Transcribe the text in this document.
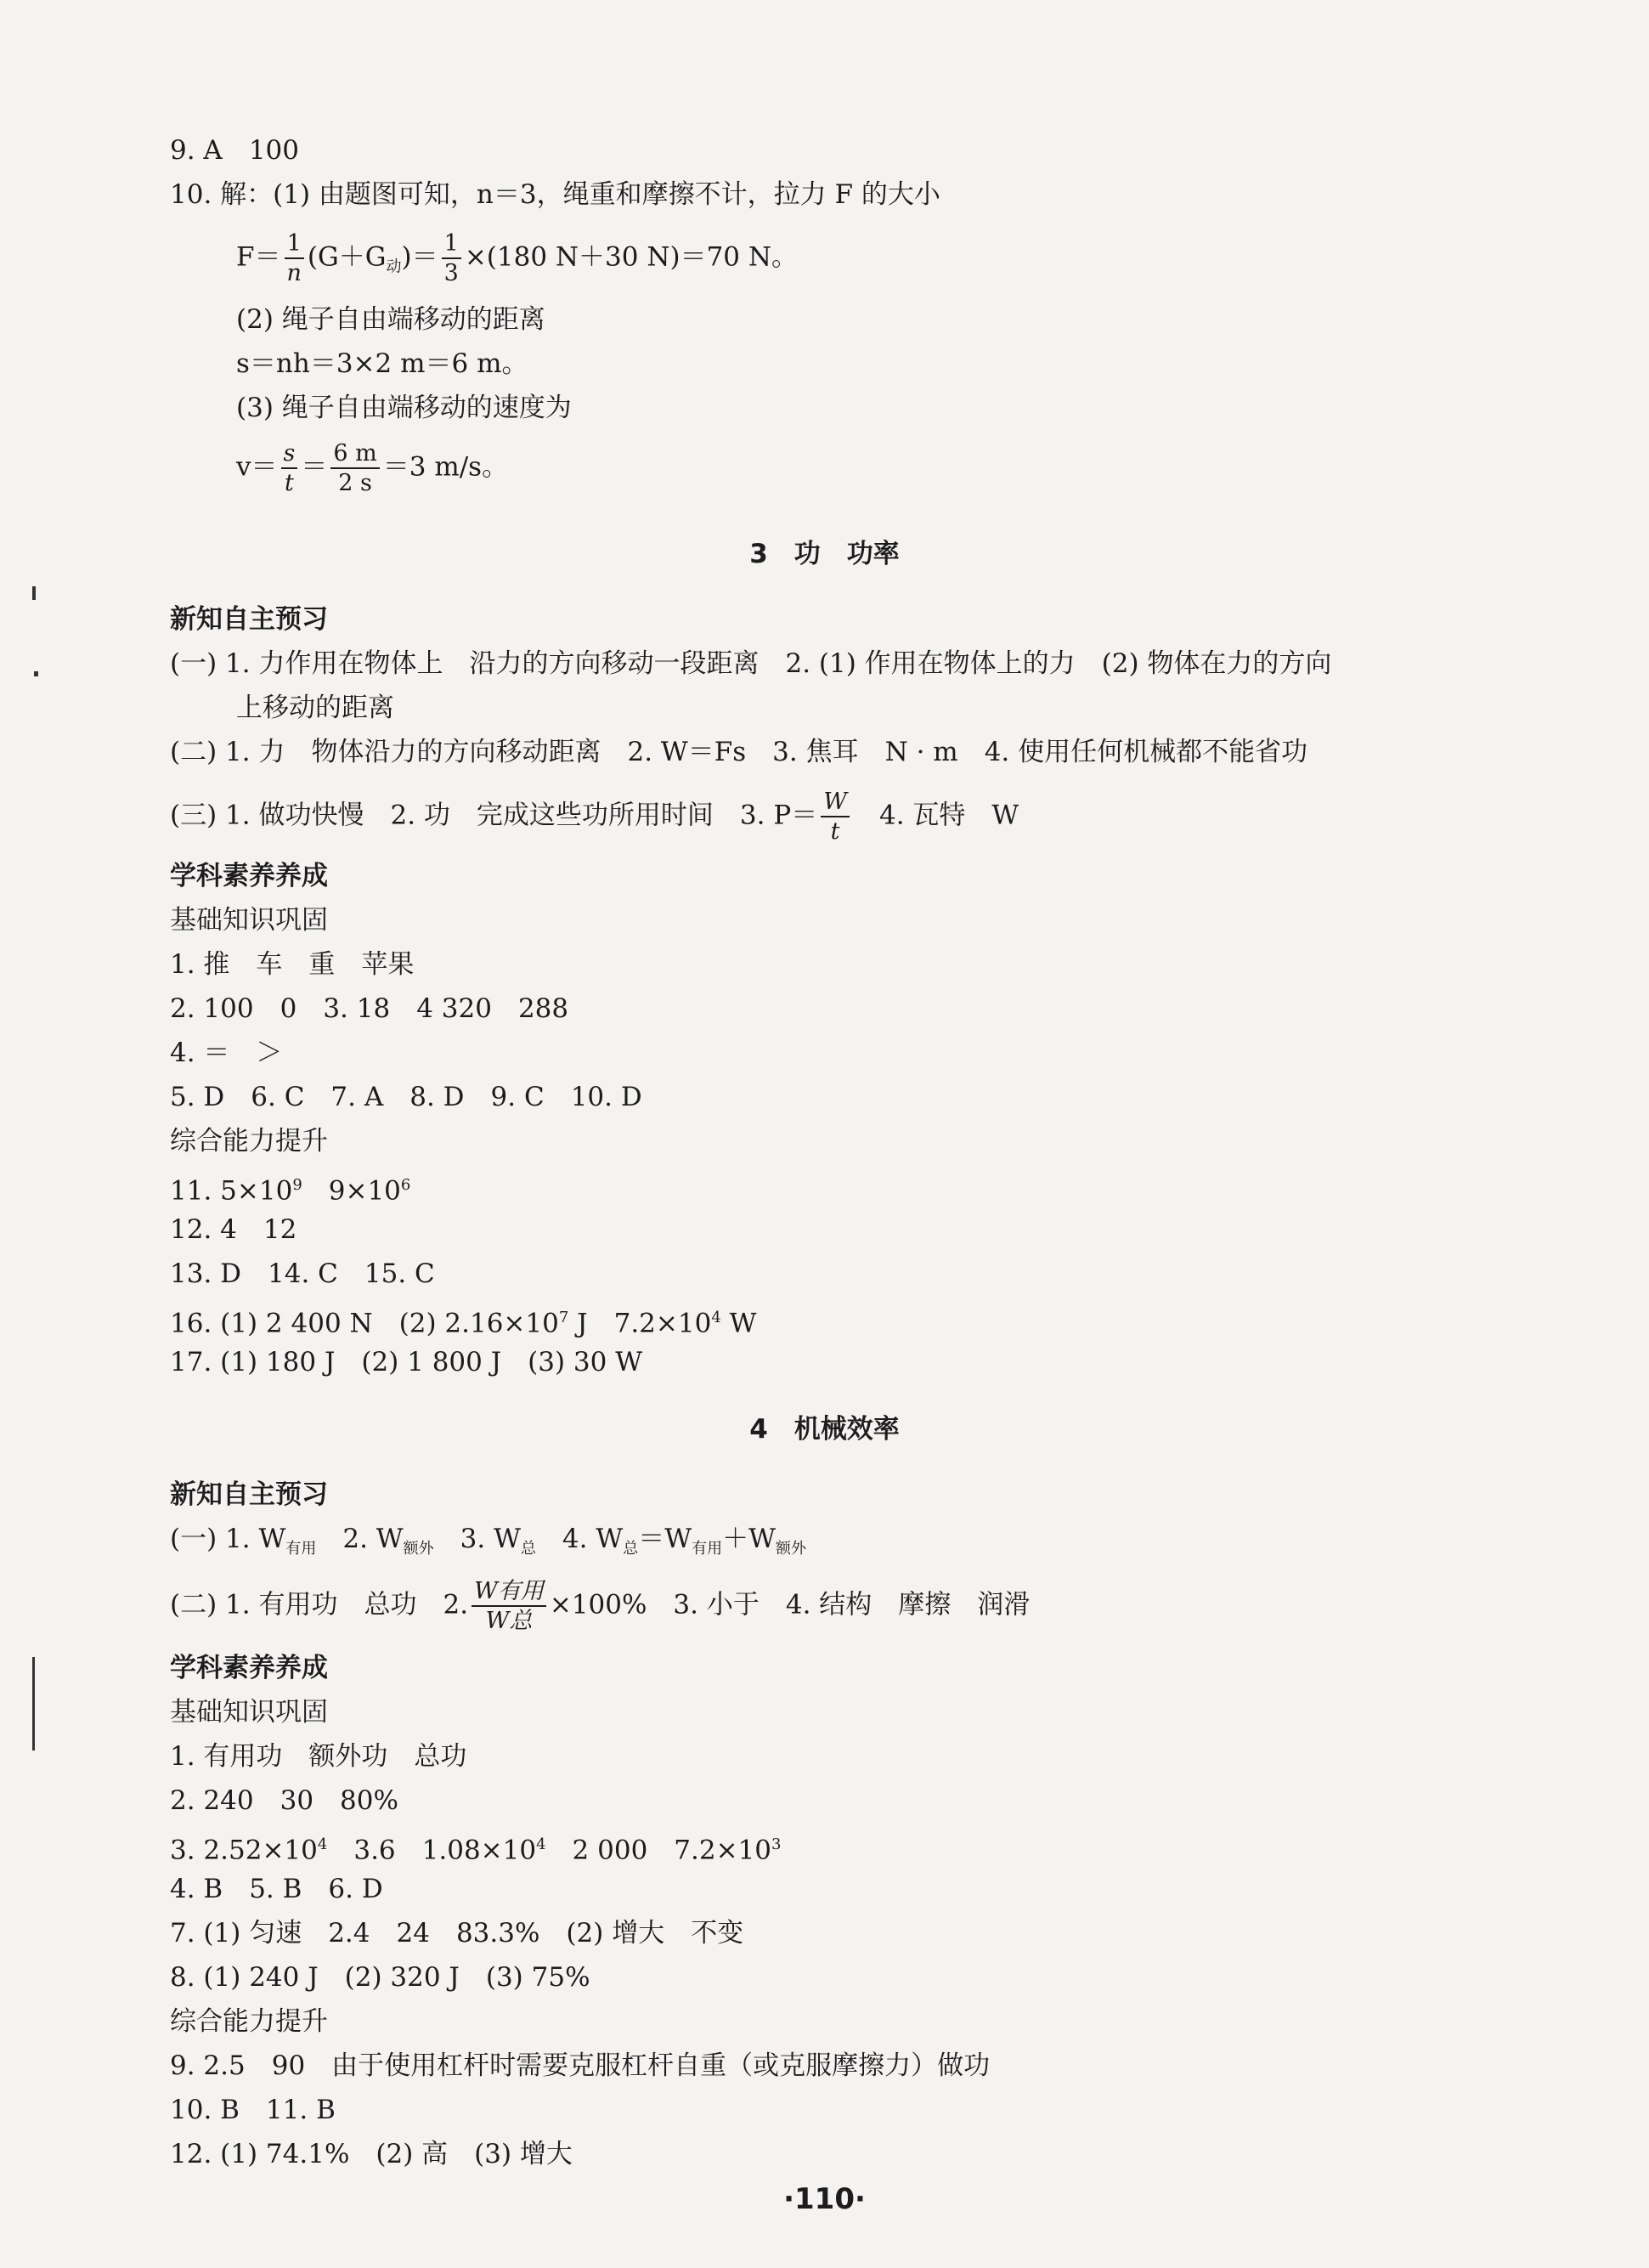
9. A　100
10. 解：(1) 由题图可知，n＝3，绳重和摩擦不计，拉力 F 的大小
$F= \frac{1}{n} (G+G_动)= \frac{1}{3} \times(180$ N＋30 N)＝70 N。
(2) 绳子自由端移动的距离
s＝nh＝3×2 m＝6 m。
(3) 绳子自由端移动的速度为
$v= \frac{s}{t} = \frac{6 m}{2 s} =3$ m/s。
3　功　功率
新知自主预习
(一) 1. 力作用在物体上　沿力的方向移动一段距离　2. (1) 作用在物体上的力　(2) 物体在力的方向
上移动的距离
(二) 1. 力　物体沿力的方向移动距离　2. W＝Fs　3. 焦耳　N · m　4. 使用任何机械都不能省功
(三) 1. 做功快慢　2. 功　完成这些功所用时间　3. $P= \frac{W}{t}$
　 4. 瓦特　W
学科素养养成
基础知识巩固
1. 推　车　重　苹果
2. 100　0　3. 18　4 320　288
4. ＝　＞
5. D　6. C　7. A　8. D　9. C　10. D
综合能力提升
11. $5\times 10^9$　$9\times 10^6$
12. 4　12
13. D　14. C　15. C
16. (1) 2 400 N　(2) $2.16\times 10^7$ J　$7.2\times 10^4$ W
17. (1) 180 J　(2) 1 800 J　(3) 30 W
4　机械效率
新知自主预习
(一) 1. $W_{有用}$　2. $W_{额外}$　3. $W_总$　4. $W_总=W_{有用}+W_{额外}$
(二) 1. 有用功　总功　2. $\frac{\text{W有用}}{\text{W总}} \times 100\%$　3. 小于　4. 结构　摩擦　润滑
学科素养养成
基础知识巩固
1. 有用功　额外功　总功
2. 240　30　80%
3. $2.52\times 10^4$　3.6　$1.08\times 10^4$　2 000　$7.2\times 10^3$
4. B　5. B　6. D
7. (1) 匀速　2.4　24　83.3%　(2) 增大　不变
8. (1) 240 J　(2) 320 J　(3) 75%
综合能力提升
9. 2.5　90　由于使用杠杆时需要克服杠杆自重（或克服摩擦力）做功
10. B　11. B
12. (1) 74.1%　(2) 高　(3) 增大
·110·
